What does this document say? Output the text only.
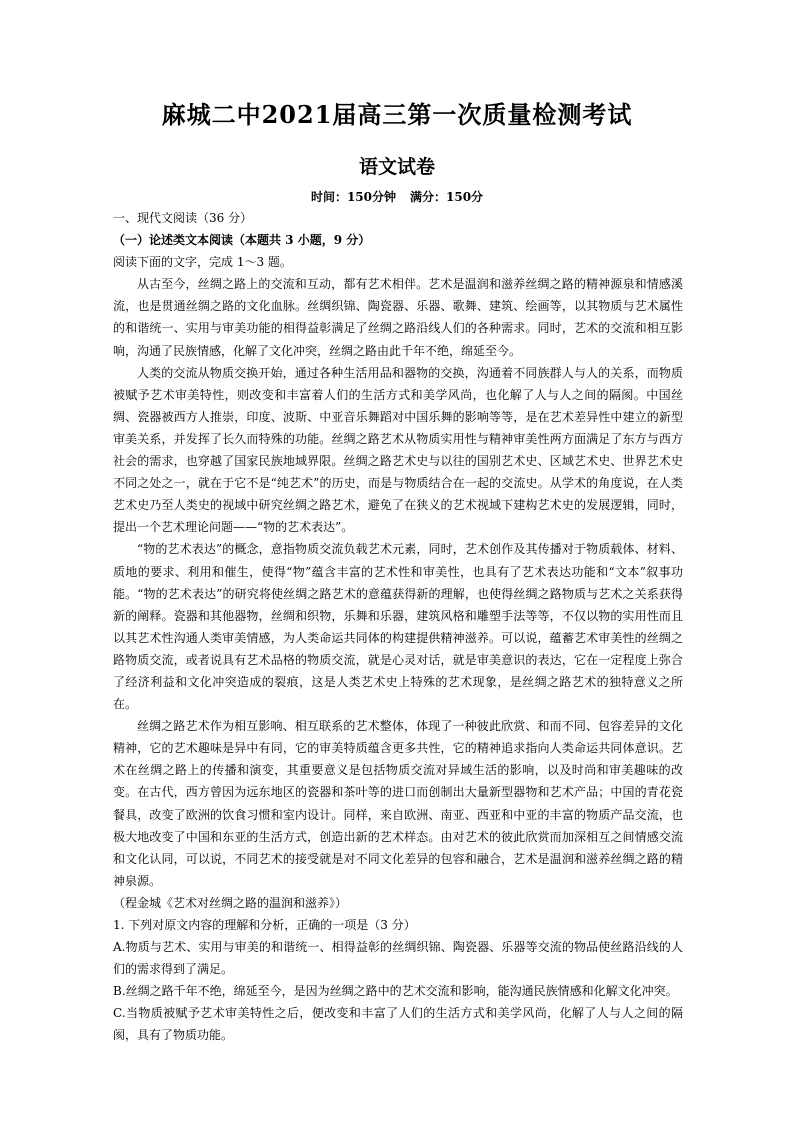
麻城二中2021届高三第一次质量检测考试
语文试卷
时间：150分钟 满分：150分

一、现代文阅读（36 分）

（一）论述类文本阅读（本题共 3 小题，9 分）

阅读下面的文字，完成 1～3 题。

从古至今，丝绸之路上的交流和互动，都有艺术相伴。艺术是温润和滋养丝绸之路的精神源泉和情感溪流，也是贯通丝绸之路的文化血脉。丝绸织锦、陶瓷器、乐器、歌舞、建筑、绘画等，以其物质与艺术属性的和谐统一、实用与审美功能的相得益彰满足了丝绸之路沿线人们的各种需求。同时，艺术的交流和相互影响，沟通了民族情感，化解了文化冲突，丝绸之路由此千年不绝，绵延至今。

人类的交流从物质交换开始，通过各种生活用品和器物的交换，沟通着不同族群人与人的关系，而物质被赋予艺术审美特性，则改变和丰富着人们的生活方式和美学风尚，也化解了人与人之间的隔阂。中国丝绸、瓷器被西方人推崇，印度、波斯、中亚音乐舞蹈对中国乐舞的影响等等，是在艺术差异性中建立的新型审美关系，并发挥了长久而特殊的功能。丝绸之路艺术从物质实用性与精神审美性两方面满足了东方与西方社会的需求，也穿越了国家民族地域界限。丝绸之路艺术史与以往的国别艺术史、区域艺术史、世界艺术史不同之处之一，就在于它不是“纯艺术”的历史，而是与物质结合在一起的交流史。从学术的角度说，在人类艺术史乃至人类史的视域中研究丝绸之路艺术，避免了在狭义的艺术视域下建构艺术史的发展逻辑，同时，提出一个艺术理论问题——“物的艺术表达”。

“物的艺术表达”的概念，意指物质交流负载艺术元素，同时，艺术创作及其传播对于物质载体、材料、质地的要求、利用和催生，使得“物”蕴含丰富的艺术性和审美性，也具有了艺术表达功能和“文本”叙事功能。“物的艺术表达”的研究将使丝绸之路艺术的意蕴获得新的理解，也使得丝绸之路物质与艺术之关系获得新的阐释。瓷器和其他器物，丝绸和织物，乐舞和乐器，建筑风格和雕塑手法等等，不仅以物的实用性而且以其艺术性沟通人类审美情感，为人类命运共同体的构建提供精神滋养。可以说，蕴蓄艺术审美性的丝绸之路物质交流，或者说具有艺术品格的物质交流，就是心灵对话，就是审美意识的表达，它在一定程度上弥合了经济利益和文化冲突造成的裂痕，这是人类艺术史上特殊的艺术现象，是丝绸之路艺术的独特意义之所在。

丝绸之路艺术作为相互影响、相互联系的艺术整体，体现了一种彼此欣赏、和而不同、包容差异的文化精神，它的艺术趣味是异中有同，它的审美特质蕴含更多共性，它的精神追求指向人类命运共同体意识。艺术在丝绸之路上的传播和演变，其重要意义是包括物质交流对异域生活的影响，以及时尚和审美趣味的改变。在古代，西方曾因为远东地区的瓷器和茶叶等的进口而创制出大量新型器物和艺术产品；中国的青花瓷餐具，改变了欧洲的饮食习惯和室内设计。同样，来自欧洲、南亚、西亚和中亚的丰富的物质产品交流，也极大地改变了中国和东亚的生活方式，创造出新的艺术样态。由对艺术的彼此欣赏而加深相互之间情感交流和文化认同，可以说，不同艺术的接受就是对不同文化差异的包容和融合，艺术是温润和滋养丝绸之路的精神泉源。

（程金城《艺术对丝绸之路的温润和滋养》）

1. 下列对原文内容的理解和分析，正确的一项是（3 分）

A.物质与艺术、实用与审美的和谐统一、相得益彰的丝绸织锦、陶瓷器、乐器等交流的物品使丝路沿线的人们的需求得到了满足。

B.丝绸之路千年不绝，绵延至今，是因为丝绸之路中的艺术交流和影响，能沟通民族情感和化解文化冲突。

C.当物质被赋予艺术审美特性之后，便改变和丰富了人们的生活方式和美学风尚，化解了人与人之间的隔阂，具有了物质功能。
